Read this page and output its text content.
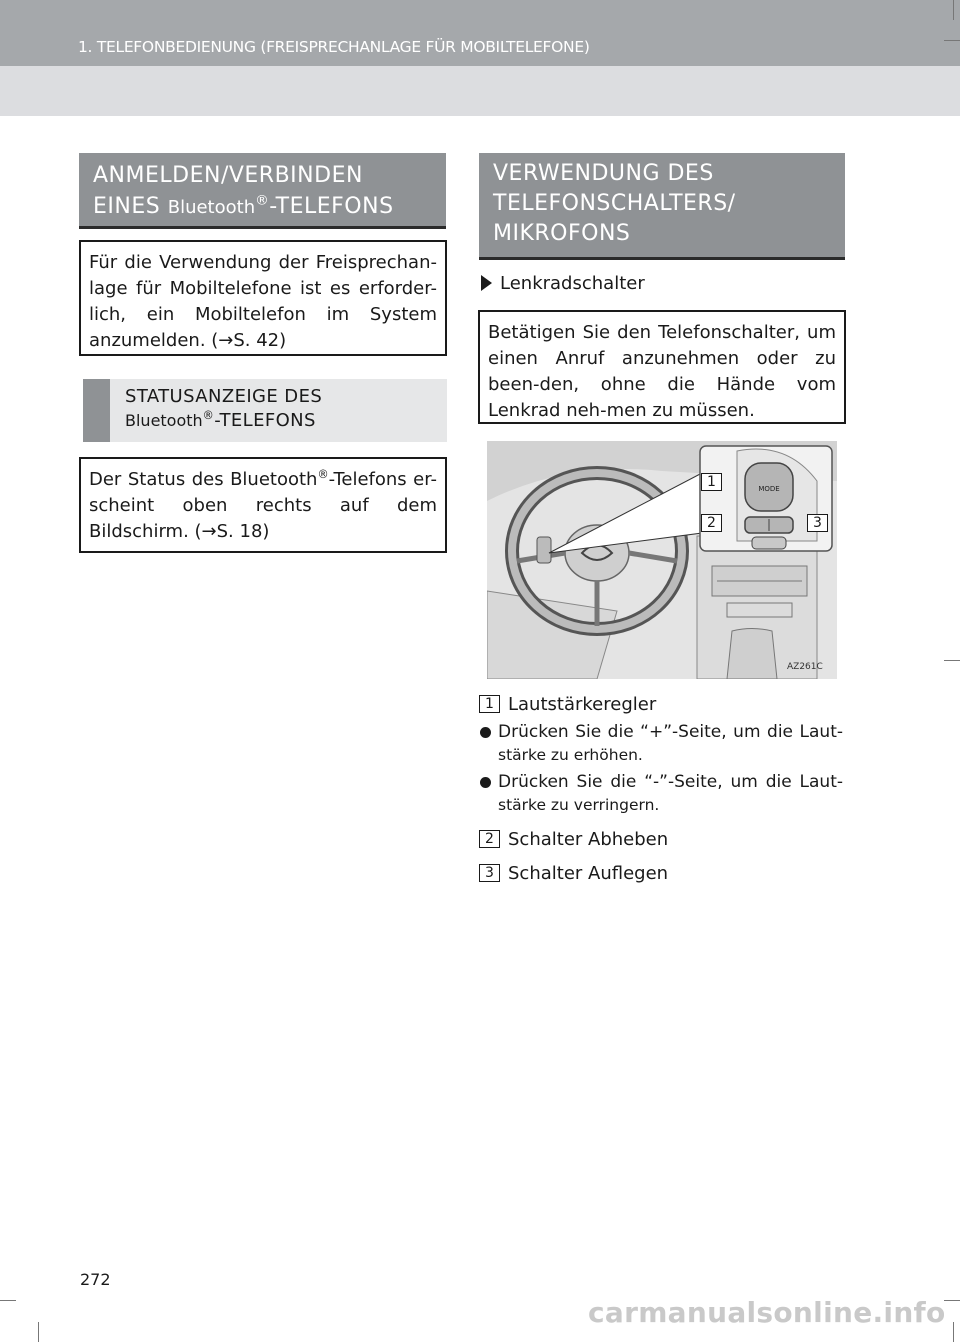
1. TELEFONBEDIENUNG (FREISPRECHANLAGE FÜR MOBILTELEFONE)
ANMELDEN/VERBINDEN
EINES Bluetooth®-TELEFONS
Für die Verwendung der Freisprechan-lage für Mobiltelefone ist es erforder-lich, ein Mobiltelefon im System anzumelden. (→S. 42)
STATUSANZEIGE DES
Bluetooth®-TELEFONS
Der Status des Bluetooth®-Telefons er-scheint oben rechts auf dem Bildschirm. (→S. 18)
VERWENDUNG DES
TELEFONSCHALTERS/
MIKROFONS
Lenkradschalter
Betätigen Sie den Telefonschalter, um einen Anruf anzunehmen oder zu been-den, ohne die Hände vom Lenkrad neh-men zu müssen.
MODE
AZ261C
1
2	3
1 Lautstärkeregler
Drücken Sie die “+”-Seite, um die Laut-
stärke zu erhöhen.
Drücken Sie die “-”-Seite, um die Laut-
stärke zu verringern.
2 Schalter Abheben
3 Schalter Auflegen
272
carmanualsonline.info
